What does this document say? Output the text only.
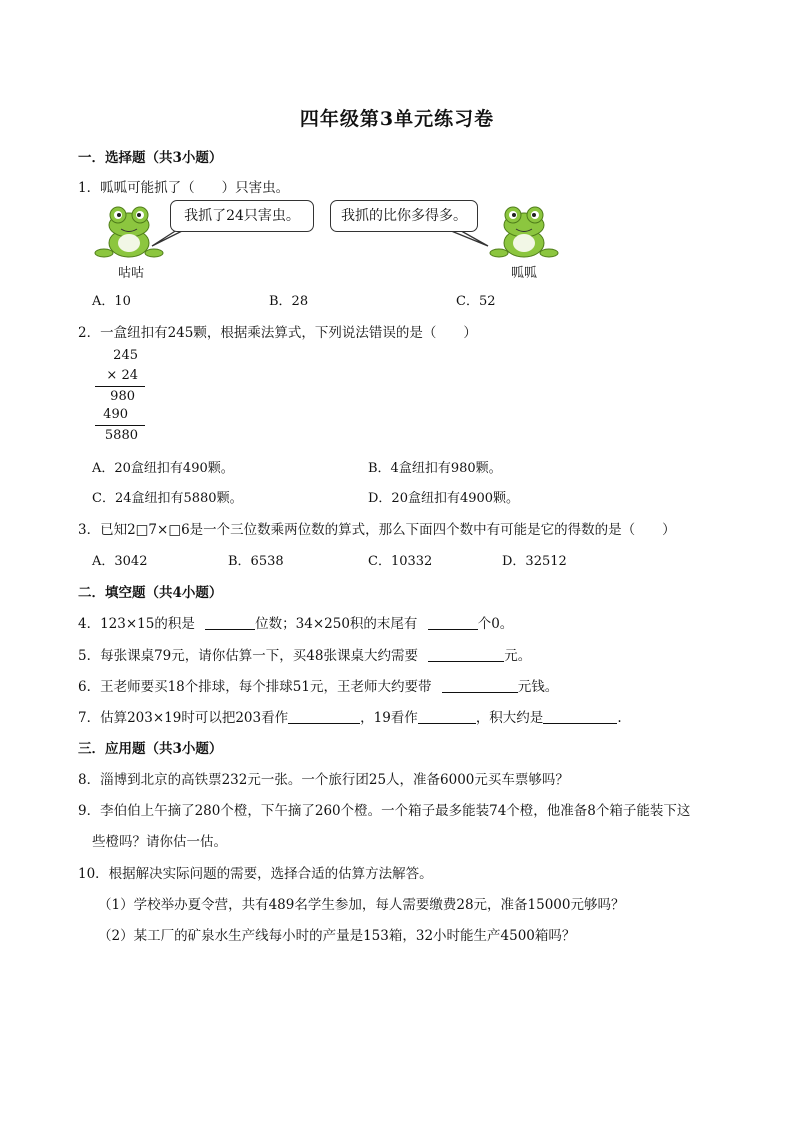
四年级第3单元练习卷
一．选择题（共3小题）
1．呱呱可能抓了（　　）只害虫。
我抓了24只害虫。	我抓的比你多得多。
咕咕	呱呱
A．10	B．28	C．52
2．一盒纽扣有245颗，根据乘法算式，下列说法错误的是（　　）
245
× 24
980
490
5880
A．20盒纽扣有490颗。	B．4盒纽扣有980颗。
C．24盒纽扣有5880颗。	D．20盒纽扣有4900颗。
3．已知2□7×□6是一个三位数乘两位数的算式，那么下面四个数中有可能是它的得数的是（　　）
A．3042	B．6538	C．10332	D．32512
二．填空题（共4小题）
4．123×15的积是	位数；34×250积的末尾有	个0。
5．每张课桌79元，请你估算一下，买48张课桌大约需要	元。
6．王老师要买18个排球，每个排球51元，王老师大约要带	元钱。
7．估算203×19时可以把203看作	，19看作	，积大约是	.
三．应用题（共3小题）
8．淄博到北京的高铁票232元一张。一个旅行团25人，准备6000元买车票够吗？
9．李伯伯上午摘了280个橙，下午摘了260个橙。一个箱子最多能装74个橙，他准备8个箱子能装下这
些橙吗？请你估一估。
10．根据解决实际问题的需要，选择合适的估算方法解答。
（1）学校举办夏令营，共有489名学生参加，每人需要缴费28元，准备15000元够吗？
（2）某工厂的矿泉水生产线每小时的产量是153箱，32小时能生产4500箱吗？
